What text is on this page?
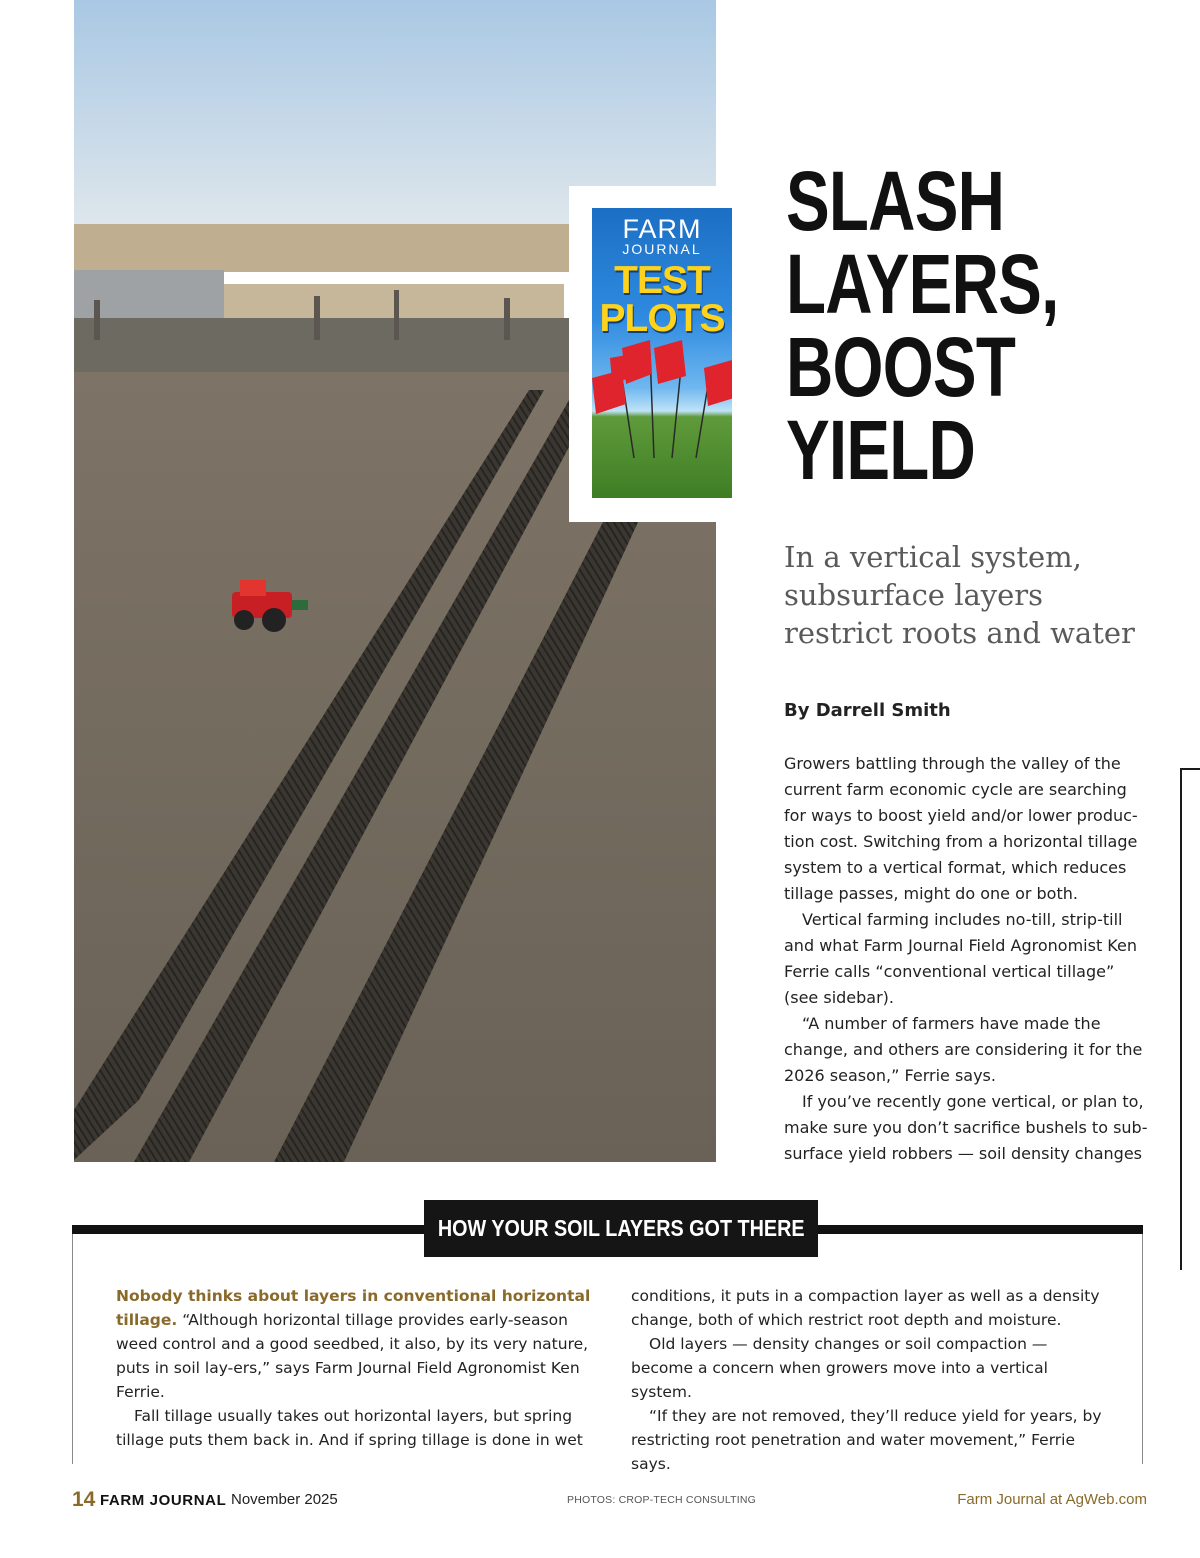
FARM
JOURNAL
TEST
PLOTS
SLASH
LAYERS,
BOOST
YIELD
In a vertical system, subsurface layers restrict roots and water

By Darrell Smith

Growers battling through the valley of the current farm economic cycle are searching for ways to boost yield and/or lower produc-tion cost. Switching from a horizontal tillage system to a vertical format, which reduces tillage passes, might do one or both.

Vertical farming includes no-till, strip-till and what Farm Journal Field Agronomist Ken Ferrie calls “conventional vertical tillage” (see sidebar).

“A number of farmers have made the change, and others are considering it for the 2026 season,” Ferrie says.

If you’ve recently gone vertical, or plan to, make sure you don’t sacrifice bushels to sub-surface yield robbers — soil density changes

HOW YOUR SOIL LAYERS GOT THERE

Nobody thinks about layers in conventional horizontal tillage. “Although horizontal tillage provides early-season weed control and a good seedbed, it also, by its very nature, puts in soil lay-ers,” says Farm Journal Field Agronomist Ken Ferrie.

Fall tillage usually takes out horizontal layers, but spring tillage puts them back in. And if spring tillage is done in wet

conditions, it puts in a compaction layer as well as a density change, both of which restrict root depth and moisture.

Old layers — density changes or soil compaction — become a concern when growers move into a vertical system.

“If they are not removed, they’ll reduce yield for years, by restricting root penetration and water movement,” Ferrie says.

14 FARM JOURNAL November 2025	PHOTOS: CROP-TECH CONSULTING	Farm Journal at AgWeb.com
